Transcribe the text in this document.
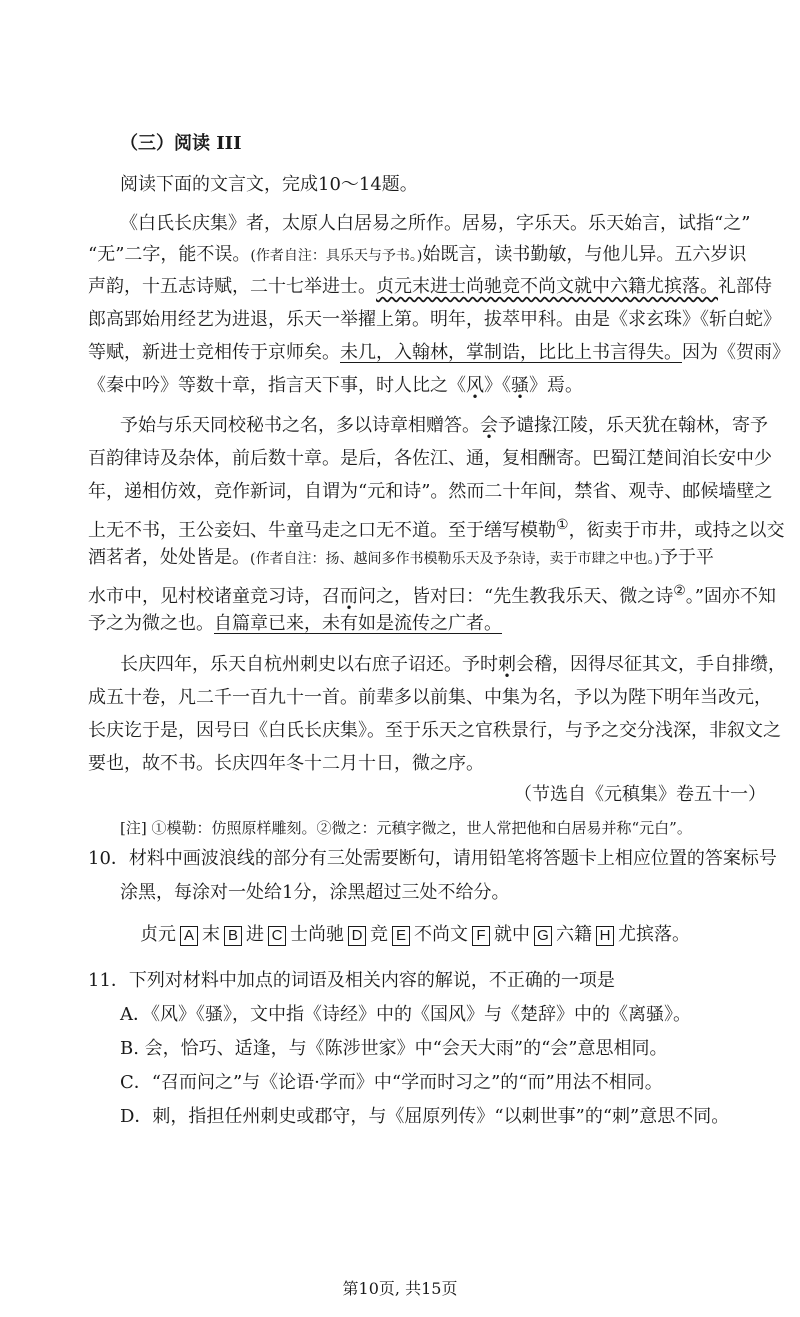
（三）阅读 III
阅读下面的文言文，完成10～14题。
《白氏长庆集》者，太原人白居易之所作。居易，字乐天。乐天始言，试指“之”
“无”二字，能不误。(作者自注：具乐天与予书。)始既言，读书勤敏，与他儿异。五六岁识
声韵，十五志诗赋，二十七举进士。贞元末进士尚驰竞不尚文就中六籍尤摈落。礼部侍
郎高郢始用经艺为进退，乐天一举擢上第。明年，拔萃甲科。由是《求玄珠》《斩白蛇》
等赋，新进士竞相传于京师矣。未几，入翰林，掌制诰，比比上书言得失。因为《贺雨》
《秦中吟》等数十章，指言天下事，时人比之《风》《骚》焉。
予始与乐天同校秘书之名，多以诗章相赠答。会予谴掾江陵，乐天犹在翰林，寄予
百韵律诗及杂体，前后数十章。是后，各佐江、通，复相酬寄。巴蜀江楚间洎长安中少
年，递相仿效，竞作新词，自谓为“元和诗”。然而二十年间，禁省、观寺、邮候墙壁之
上无不书，王公妾妇、牛童马走之口无不道。至于缮写模勒①，衒卖于市井，或持之以交
酒茗者，处处皆是。(作者自注：扬、越间多作书模勒乐天及予杂诗，卖于市肆之中也。)予于平
水市中，见村校诸童竞习诗，召而问之，皆对曰：“先生教我乐天、微之诗②。”固亦不知
予之为微之也。自篇章已来，未有如是流传之广者。
长庆四年，乐天自杭州刺史以右庶子诏还。予时刺会稽，因得尽征其文，手自排缵，
成五十卷，凡二千一百九十一首。前辈多以前集、中集为名，予以为陛下明年当改元，
长庆讫于是，因号曰《白氏长庆集》。至于乐天之官秩景行，与予之交分浅深，非叙文之
要也，故不书。长庆四年冬十二月十日，微之序。
（节选自《元稹集》卷五十一）
[注] ①模勒：仿照原样雕刻。②微之：元稹字微之，世人常把他和白居易并称“元白”。
10．材料中画波浪线的部分有三处需要断句，请用铅笔将答题卡上相应位置的答案标号
涂黑，每涂对一处给1分，涂黑超过三处不给分。
贞元 A 末 B 进 C 士尚驰 D 竞 E 不尚文 F 就中 G 六籍 H 尤摈落。
11．下列对材料中加点的词语及相关内容的解说，不正确的一项是
A．《风》《骚》，文中指《诗经》中的《国风》与《楚辞》中的《离骚》。
B. 会，恰巧、适逢，与《陈涉世家》中“会天大雨”的“会”意思相同。
C．“召而问之”与《论语·学而》中“学而时习之”的“而”用法不相同。
D．刺，指担任州刺史或郡守，与《屈原列传》“以刺世事”的“刺”意思不同。
第10页, 共15页
